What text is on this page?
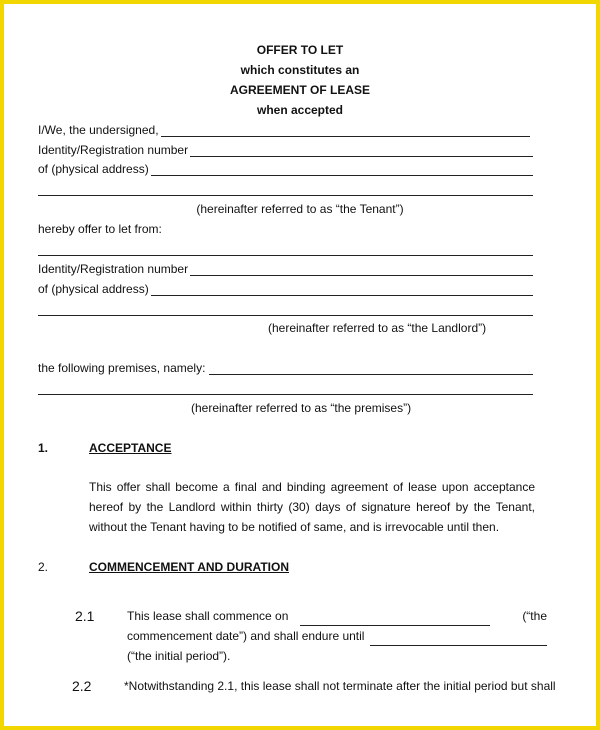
OFFER TO LET
which constitutes an
AGREEMENT OF LEASE
when accepted
I/We, the undersigned,
Identity/Registration number
of (physical address)
(hereinafter referred to as “the Tenant”)
hereby offer to let from:
Identity/Registration number
of (physical address)
(hereinafter referred to as “the Landlord”)
the following premises, namely:
(hereinafter referred to as “the premises”)
1.	ACCEPTANCE
This offer shall become a final and binding agreement of lease upon acceptance hereof by the Landlord within thirty (30) days of signature hereof by the Tenant, without the Tenant having to be notified of same, and is irrevocable until then.
2.	COMMENCEMENT AND DURATION
2.1	This lease shall commence on	(“the
commencement date”) and shall endure until
(“the initial period”).
2.2	*Notwithstanding 2.1, this lease shall not terminate after the initial period but shall
